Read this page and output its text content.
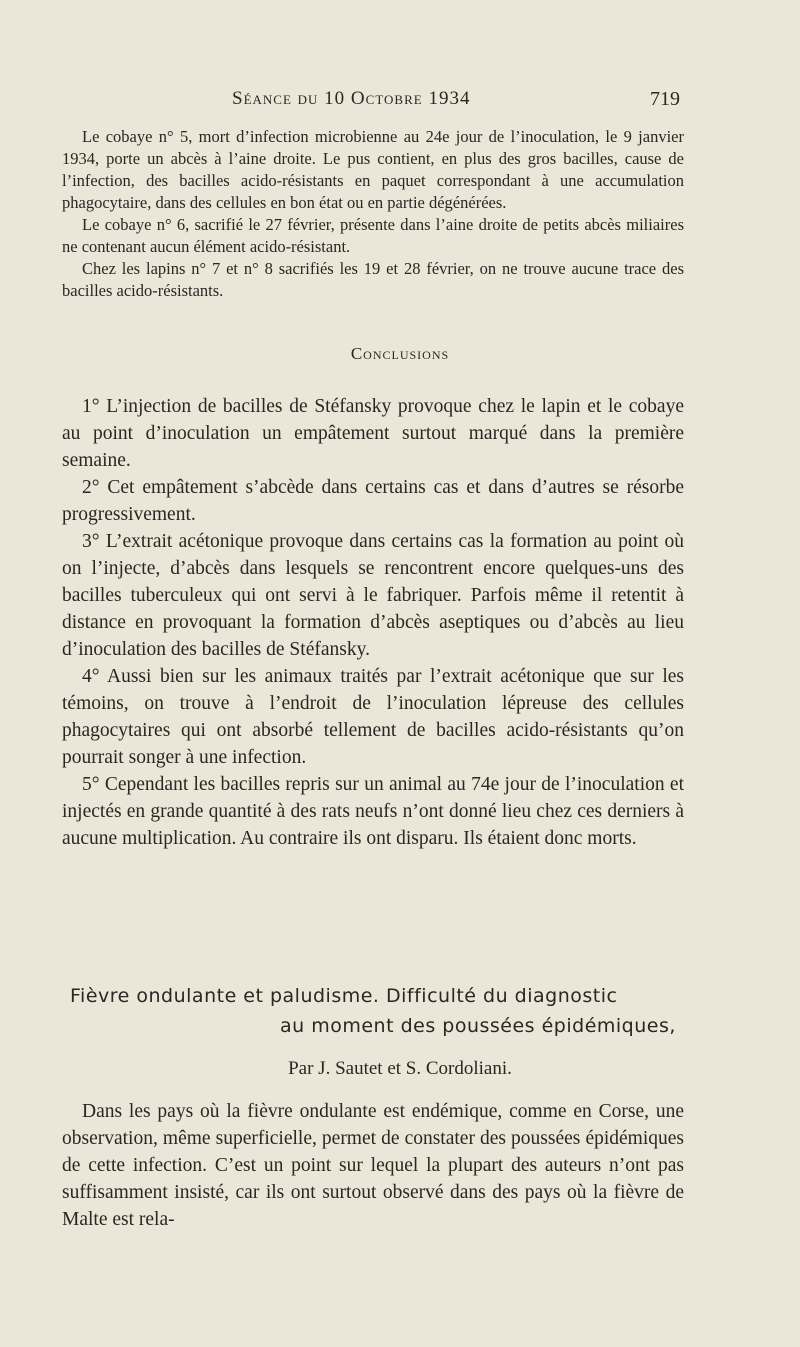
Séance du 10 Octobre 1934	719

Le cobaye n° 5, mort d’infection microbienne au 24e jour de l’inoculation, le 9 janvier 1934, porte un abcès à l’aine droite. Le pus contient, en plus des gros bacilles, cause de l’infection, des bacilles acido-résistants en paquet correspondant à une accumulation phagocytaire, dans des cellules en bon état ou en partie dégénérées.

Le cobaye n° 6, sacrifié le 27 février, présente dans l’aine droite de petits abcès miliaires ne contenant aucun élément acido-résistant.

Chez les lapins n° 7 et n° 8 sacrifiés les 19 et 28 février, on ne trouve aucune trace des bacilles acido-résistants.

Conclusions

1° L’injection de bacilles de Stéfansky provoque chez le lapin et le cobaye au point d’inoculation un empâtement surtout marqué dans la première semaine.

2° Cet empâtement s’abcède dans certains cas et dans d’autres se résorbe progressivement.

3° L’extrait acétonique provoque dans certains cas la formation au point où on l’injecte, d’abcès dans lesquels se rencontrent encore quelques-uns des bacilles tuberculeux qui ont servi à le fabriquer. Parfois même il retentit à distance en provoquant la formation d’abcès aseptiques ou d’abcès au lieu d’inoculation des bacilles de Stéfansky.

4° Aussi bien sur les animaux traités par l’extrait acétonique que sur les témoins, on trouve à l’endroit de l’inoculation lépreuse des cellules phagocytaires qui ont absorbé tellement de bacilles acido-résistants qu’on pourrait songer à une infection.

5° Cependant les bacilles repris sur un animal au 74e jour de l’inoculation et injectés en grande quantité à des rats neufs n’ont donné lieu chez ces derniers à aucune multiplication. Au contraire ils ont disparu. Ils étaient donc morts.

Fièvre ondulante et paludisme. Difficulté du diagnostic
au moment des poussées épidémiques,
Par J. Sautet et S. Cordoliani.

Dans les pays où la fièvre ondulante est endémique, comme en Corse, une observation, même superficielle, permet de constater des poussées épidémiques de cette infection. C’est un point sur lequel la plupart des auteurs n’ont pas suffisamment insisté, car ils ont surtout observé dans des pays où la fièvre de Malte est rela-
